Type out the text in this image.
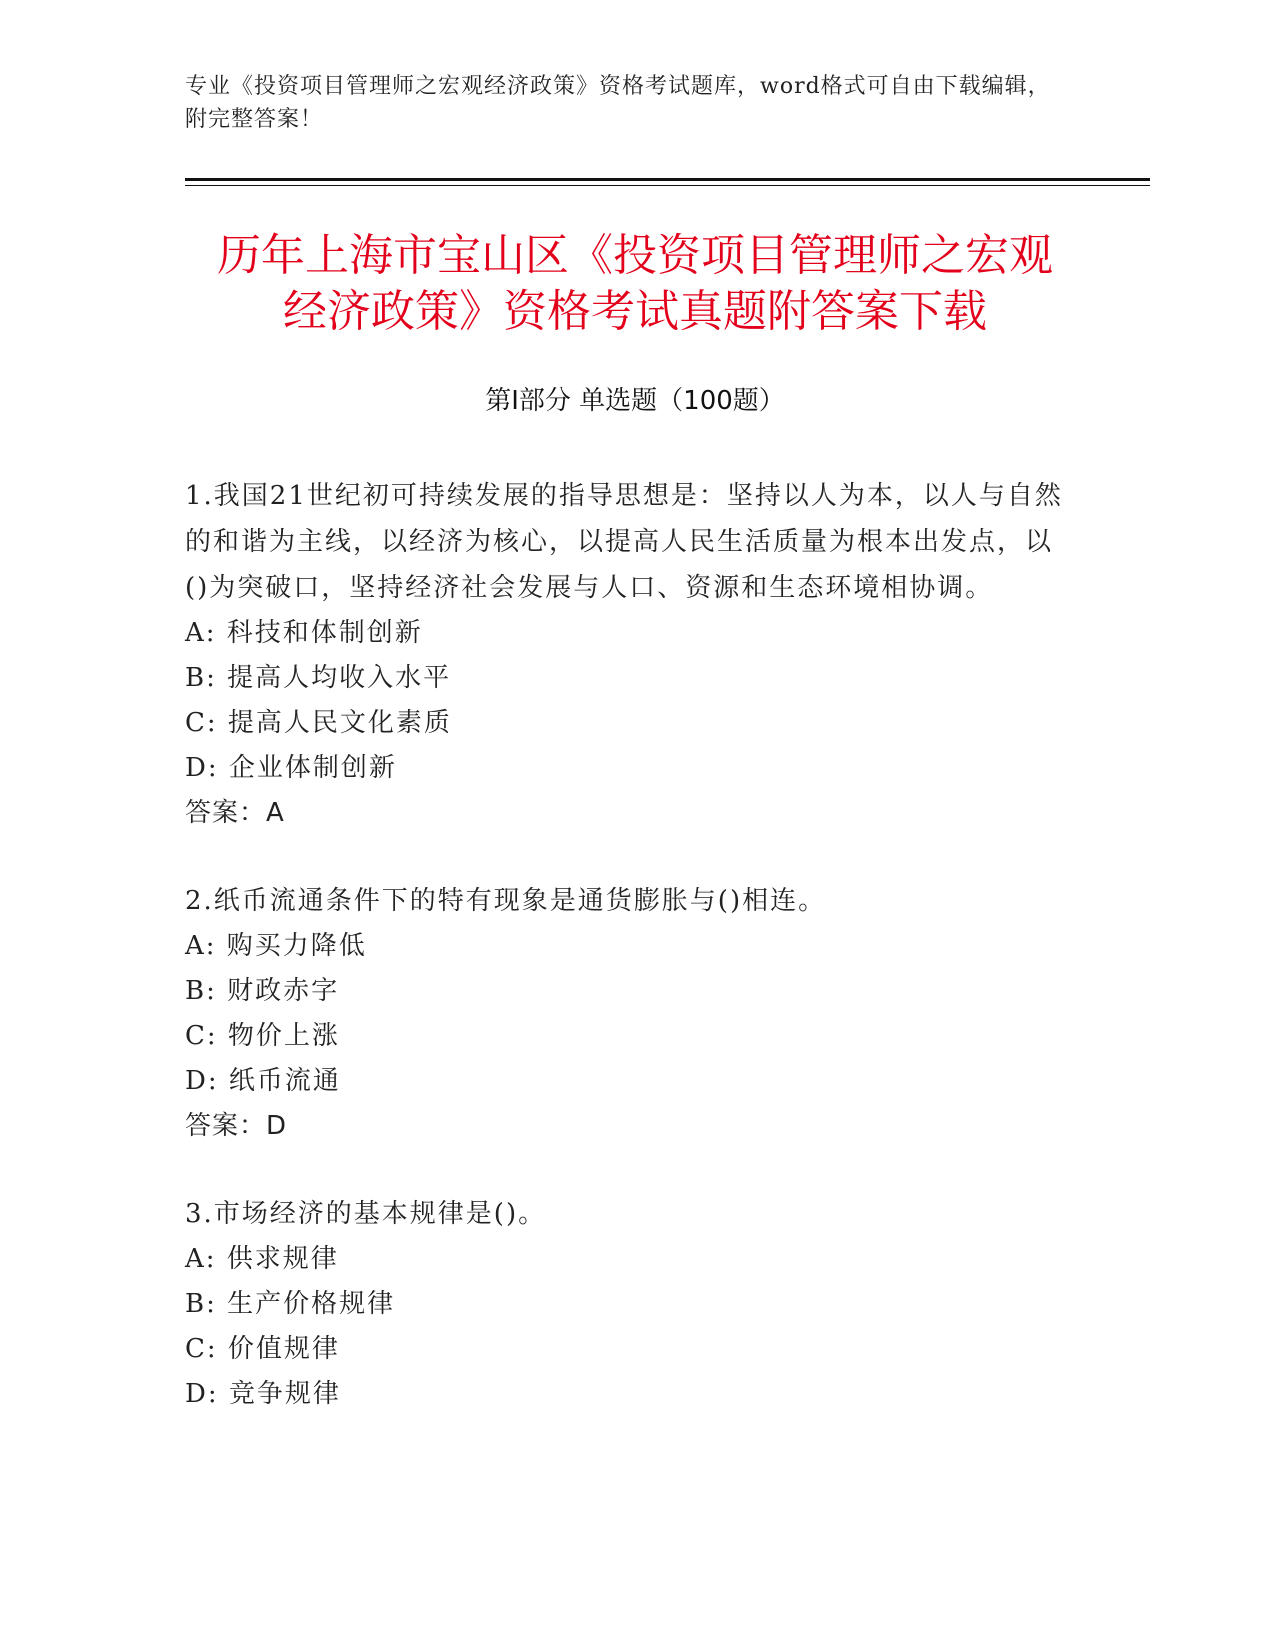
专业《投资项目管理师之宏观经济政策》资格考试题库，word格式可自由下载编辑，附完整答案！
历年上海市宝山区《投资项目管理师之宏观
经济政策》资格考试真题附答案下载
第Ⅰ部分 单选题（100题）
1.我国21世纪初可持续发展的指导思想是：坚持以人为本，以人与自然的和谐为主线，以经济为核心，以提高人民生活质量为根本出发点，以()为突破口，坚持经济社会发展与人口、资源和生态环境相协调。
A: 科技和体制创新
B: 提高人均收入水平
C: 提高人民文化素质
D: 企业体制创新
答案：A
2.纸币流通条件下的特有现象是通货膨胀与()相连。
A: 购买力降低
B: 财政赤字
C: 物价上涨
D: 纸币流通
答案：D
3.市场经济的基本规律是()。
A: 供求规律
B: 生产价格规律
C: 价值规律
D: 竞争规律
